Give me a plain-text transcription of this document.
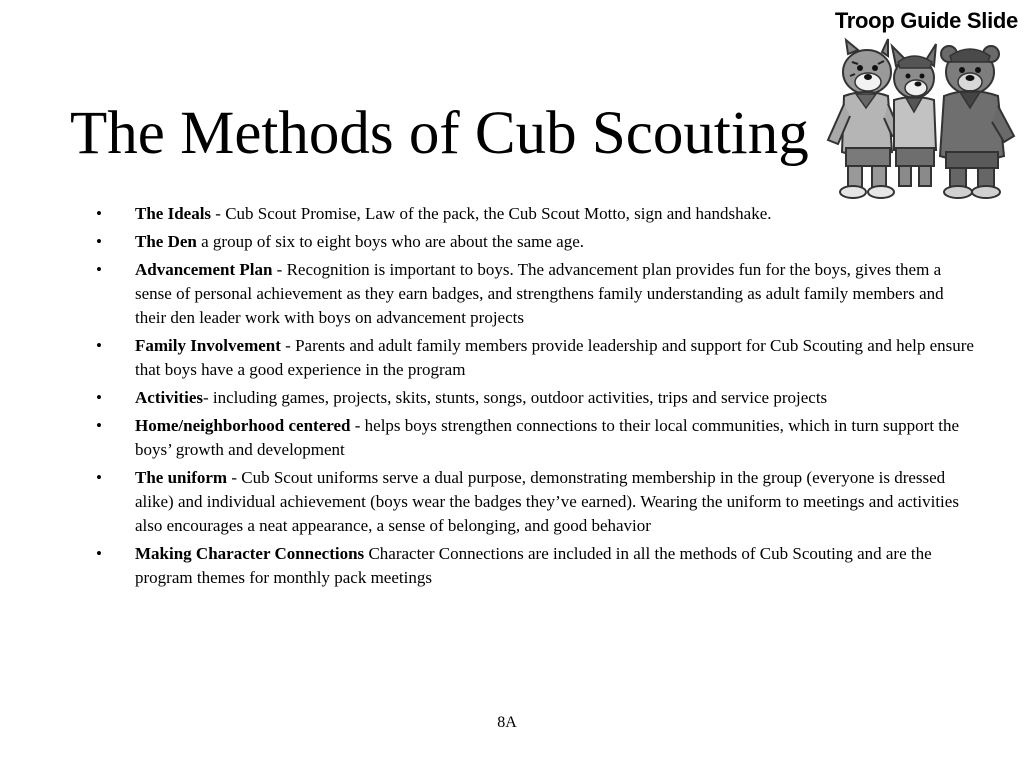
Troop Guide Slide
The Methods of Cub Scouting
• The Ideals - Cub Scout Promise, Law of the pack, the Cub Scout Motto, sign and handshake.
• The Den a group of six to eight boys who are about the same age.
• Advancement Plan - Recognition is important to boys. The advancement plan provides fun for the boys, gives them a sense of personal achievement as they earn badges, and strengthens family understanding as adult family members and their den leader work with boys on advancement projects
• Family Involvement - Parents and adult family members provide leadership and support for Cub Scouting and help ensure that boys have a good experience in the program
• Activities- including games, projects, skits, stunts, songs, outdoor activities, trips and service projects
• Home/neighborhood centered - helps boys strengthen connections to their local communities, which in turn support the boys’ growth and development
• The uniform - Cub Scout uniforms serve a dual purpose, demonstrating membership in the group (everyone is dressed alike) and individual achievement (boys wear the badges they’ve earned). Wearing the uniform to meetings and activities also encourages a neat appearance, a sense of belonging, and good behavior
• Making Character Connections Character Connections are included in all the methods of Cub Scouting and are the program themes for monthly pack meetings
8A
